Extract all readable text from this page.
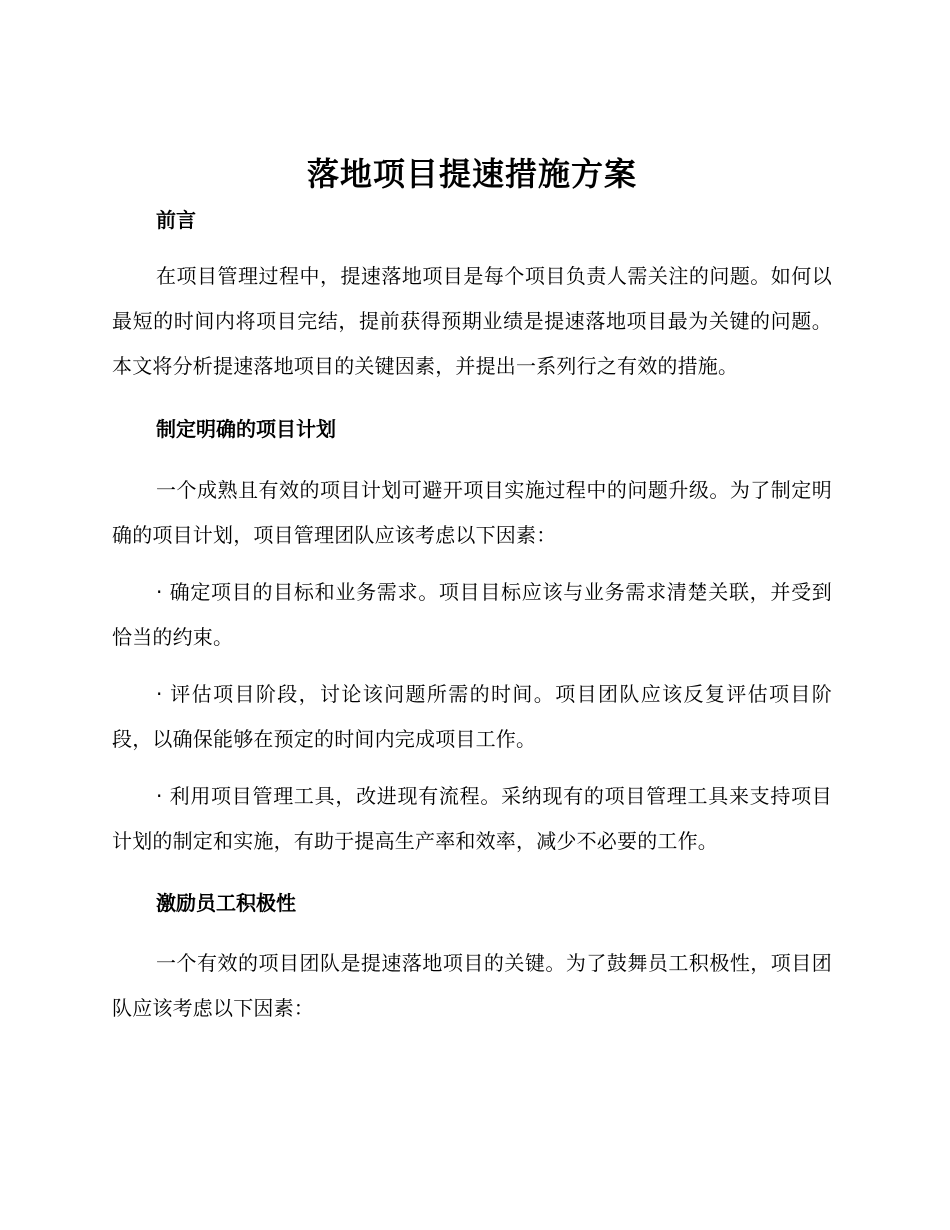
落地项目提速措施方案
前言

在项目管理过程中，提速落地项目是每个项目负责人需关注的问题。如何以最短的时间内将项目完结，提前获得预期业绩是提速落地项目最为关键的问题。本文将分析提速落地项目的关键因素，并提出一系列行之有效的措施。

制定明确的项目计划

一个成熟且有效的项目计划可避开项目实施过程中的问题升级。为了制定明确的项目计划，项目管理团队应该考虑以下因素：

· 确定项目的目标和业务需求。项目目标应该与业务需求清楚关联，并受到恰当的约束。

· 评估项目阶段，讨论该问题所需的时间。项目团队应该反复评估项目阶段，以确保能够在预定的时间内完成项目工作。

· 利用项目管理工具，改进现有流程。采纳现有的项目管理工具来支持项目计划的制定和实施，有助于提高生产率和效率，减少不必要的工作。

激励员工积极性

一个有效的项目团队是提速落地项目的关键。为了鼓舞员工积极性，项目团队应该考虑以下因素：
